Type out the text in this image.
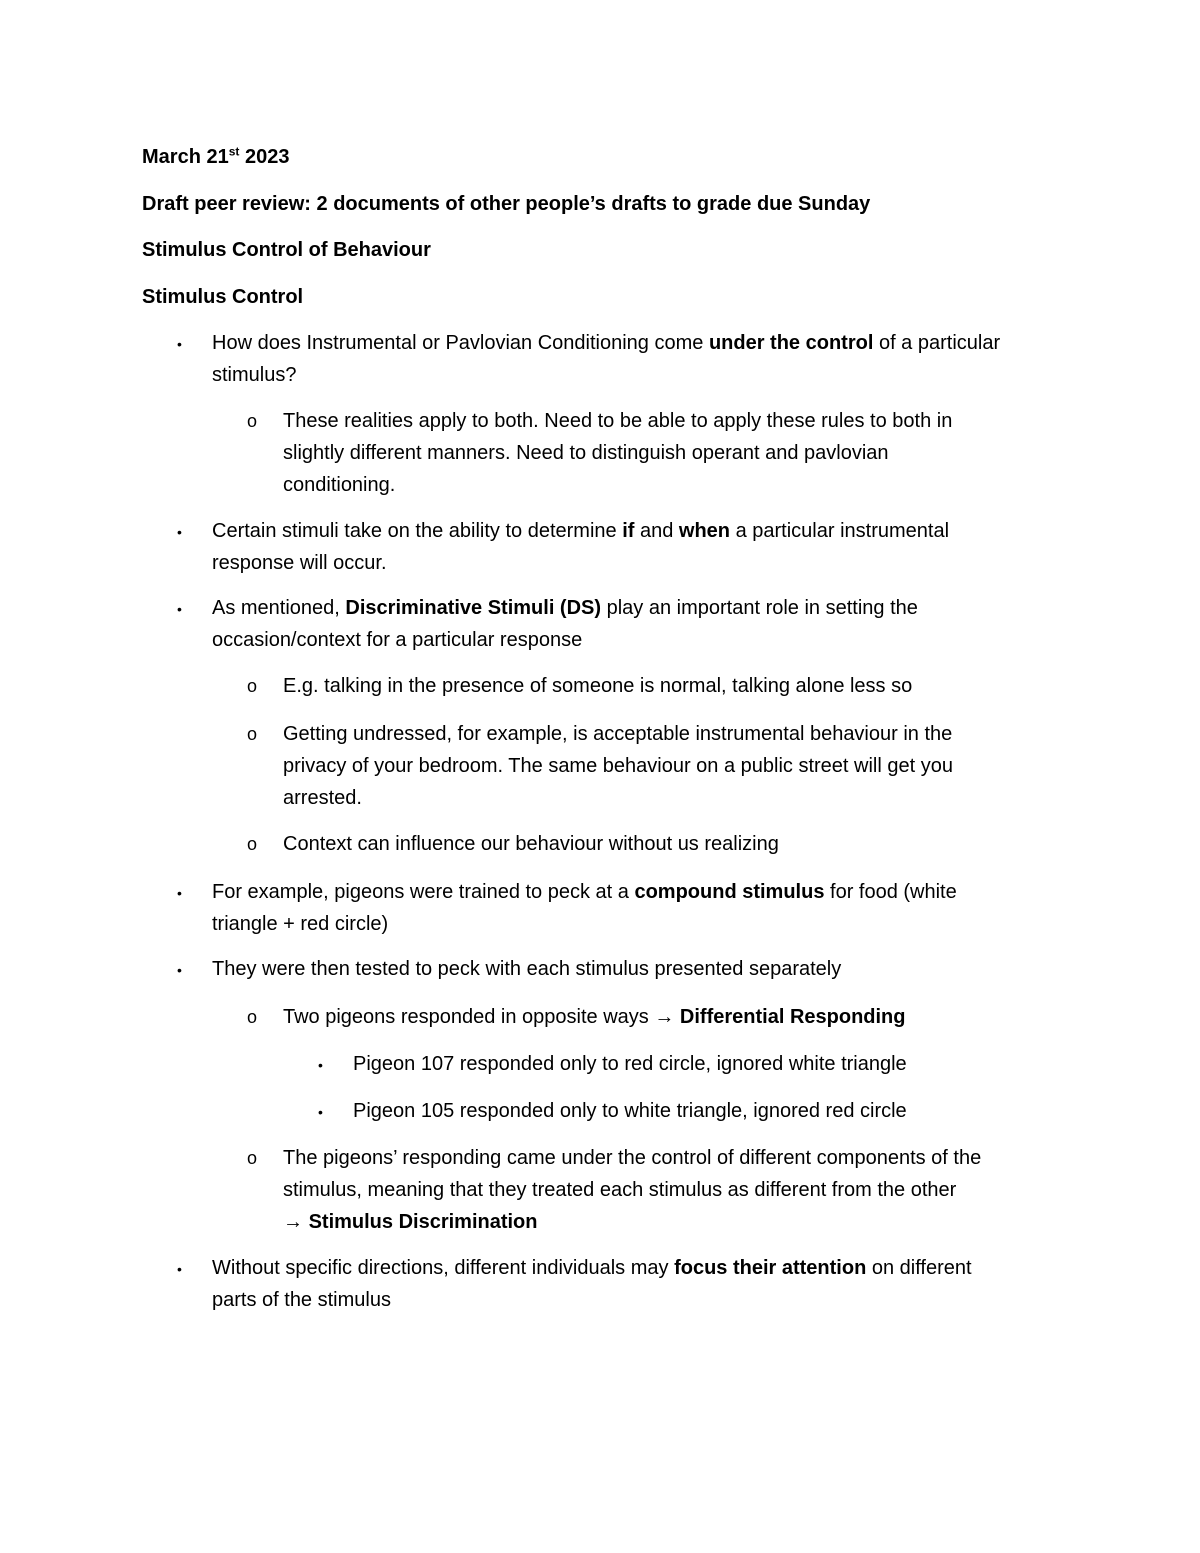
March 21st 2023
Draft peer review: 2 documents of other people’s drafts to grade due Sunday
Stimulus Control of Behaviour
Stimulus Control
• How does Instrumental or Pavlovian Conditioning come under the control of a particular
stimulus?
o These realities apply to both. Need to be able to apply these rules to both in
slightly different manners. Need to distinguish operant and pavlovian
conditioning.
• Certain stimuli take on the ability to determine if and when a particular instrumental
response will occur.
• As mentioned, Discriminative Stimuli (DS) play an important role in setting the
occasion/context for a particular response
o E.g. talking in the presence of someone is normal, talking alone less so
o Getting undressed, for example, is acceptable instrumental behaviour in the
privacy of your bedroom. The same behaviour on a public street will get you
arrested.
o Context can influence our behaviour without us realizing
• For example, pigeons were trained to peck at a compound stimulus for food (white
triangle + red circle)
• They were then tested to peck with each stimulus presented separately
o Two pigeons responded in opposite ways → Differential Responding
• Pigeon 107 responded only to red circle, ignored white triangle
• Pigeon 105 responded only to white triangle, ignored red circle
o The pigeons’ responding came under the control of different components of the
stimulus, meaning that they treated each stimulus as different from the other
→ Stimulus Discrimination
• Without specific directions, different individuals may focus their attention on different
parts of the stimulus
